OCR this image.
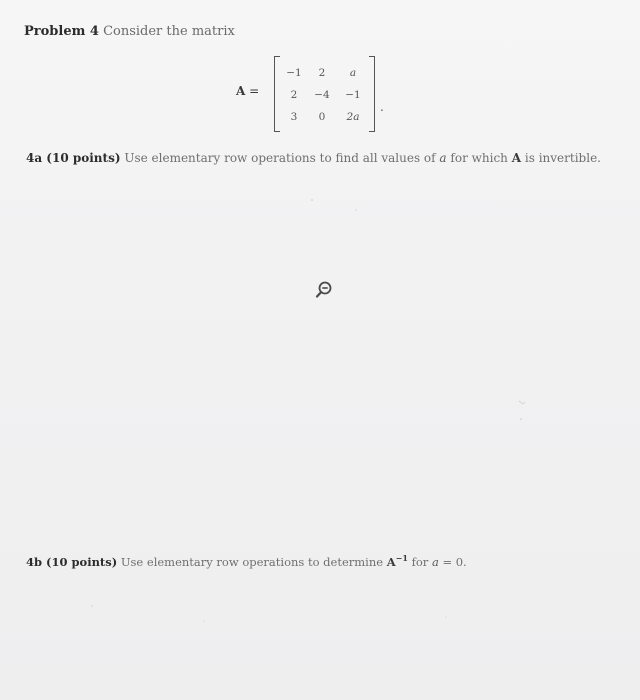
Problem 4 Consider the matrix
A =
−1	2	a
2	−4	−1
3	0	2a
.
4a (10 points) Use elementary row operations to find all values of a for which A is invertible.
4b (10 points) Use elementary row operations to determine $A^{-1}$ for a = 0.
